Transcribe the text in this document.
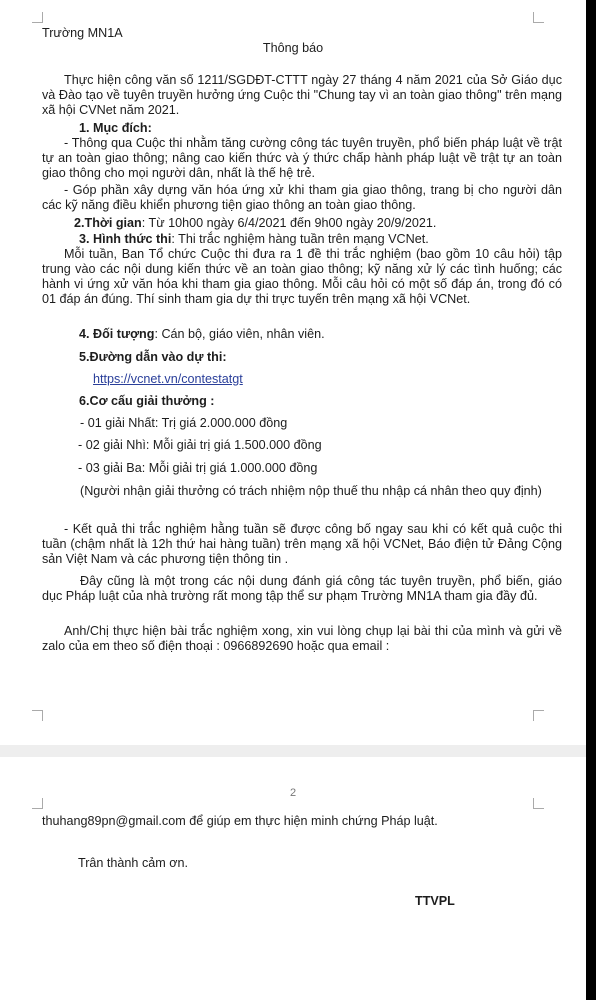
Trường MN1A
Thông báo
Thực hiện công văn số 1211/SGDĐT-CTTT ngày 27 tháng 4 năm 2021 của Sở Giáo dục và Đào tạo về tuyên truyền hưởng ứng Cuộc thi "Chung tay vì an toàn giao thông" trên mạng xã hội CVNet năm 2021.
1. Mục đích:
- Thông qua Cuộc thi nhằm tăng cường công tác tuyên truyền, phổ biến pháp luật về trật tự an toàn giao thông; nâng cao kiến thức và ý thức chấp hành pháp luật về trật tự an toàn giao thông cho mọi người dân, nhất là thế hệ trẻ.
- Góp phần xây dựng văn hóa ứng xử khi tham gia giao thông, trang bị cho người dân các kỹ năng điều khiển phương tiện giao thông an toàn giao thông.
2.Thời gian: Từ 10h00 ngày 6/4/2021 đến 9h00 ngày 20/9/2021.
3. Hình thức thi: Thi trắc nghiệm hàng tuần trên mạng VCNet.
Mỗi tuần, Ban Tổ chức Cuộc thi đưa ra 1 đề thi trắc nghiệm (bao gồm 10 câu hỏi) tập trung vào các nội dung kiến thức về an toàn giao thông; kỹ năng xử lý các tình huống; các hành vi ứng xử văn hóa khi tham gia giao thông. Mỗi câu hỏi có một số đáp án, trong đó có 01 đáp án đúng. Thí sinh tham gia dự thi trực tuyến trên mạng xã hội VCNet.
4. Đối tượng: Cán bộ, giáo viên, nhân viên.
5.Đường dẫn vào dự thi:
https://vcnet.vn/contestatgt
6.Cơ cấu giải thưởng :
- 01 giải Nhất: Trị giá 2.000.000 đồng
- 02 giải Nhì: Mỗi giải trị giá 1.500.000 đồng
- 03 giải Ba: Mỗi giải trị giá 1.000.000 đồng
(Người nhận giải thưởng có trách nhiệm nộp thuế thu nhập cá nhân theo quy định)
- Kết quả thi trắc nghiệm hằng tuần sẽ được công bố ngay sau khi có kết quả cuộc thi tuần (chậm nhất là 12h thứ hai hàng tuần) trên mạng xã hội VCNet, Báo điện tử Đảng Cộng sản Việt Nam và các phương tiện thông tin .
Đây cũng là một trong các nội dung đánh giá công tác tuyên truyền, phổ biến, giáo dục Pháp luật của nhà trường rất mong tập thể sư phạm Trường MN1A tham gia đầy đủ.
Anh/Chị thực hiện bài trắc nghiệm xong, xin vui lòng chụp lại bài thi của mình và gửi về zalo của em theo số điện thoại : 0966892690 hoặc qua email :
2
thuhang89pn@gmail.com để giúp em thực hiện minh chứng Pháp luật.
Trân thành cảm ơn.
TTVPL
